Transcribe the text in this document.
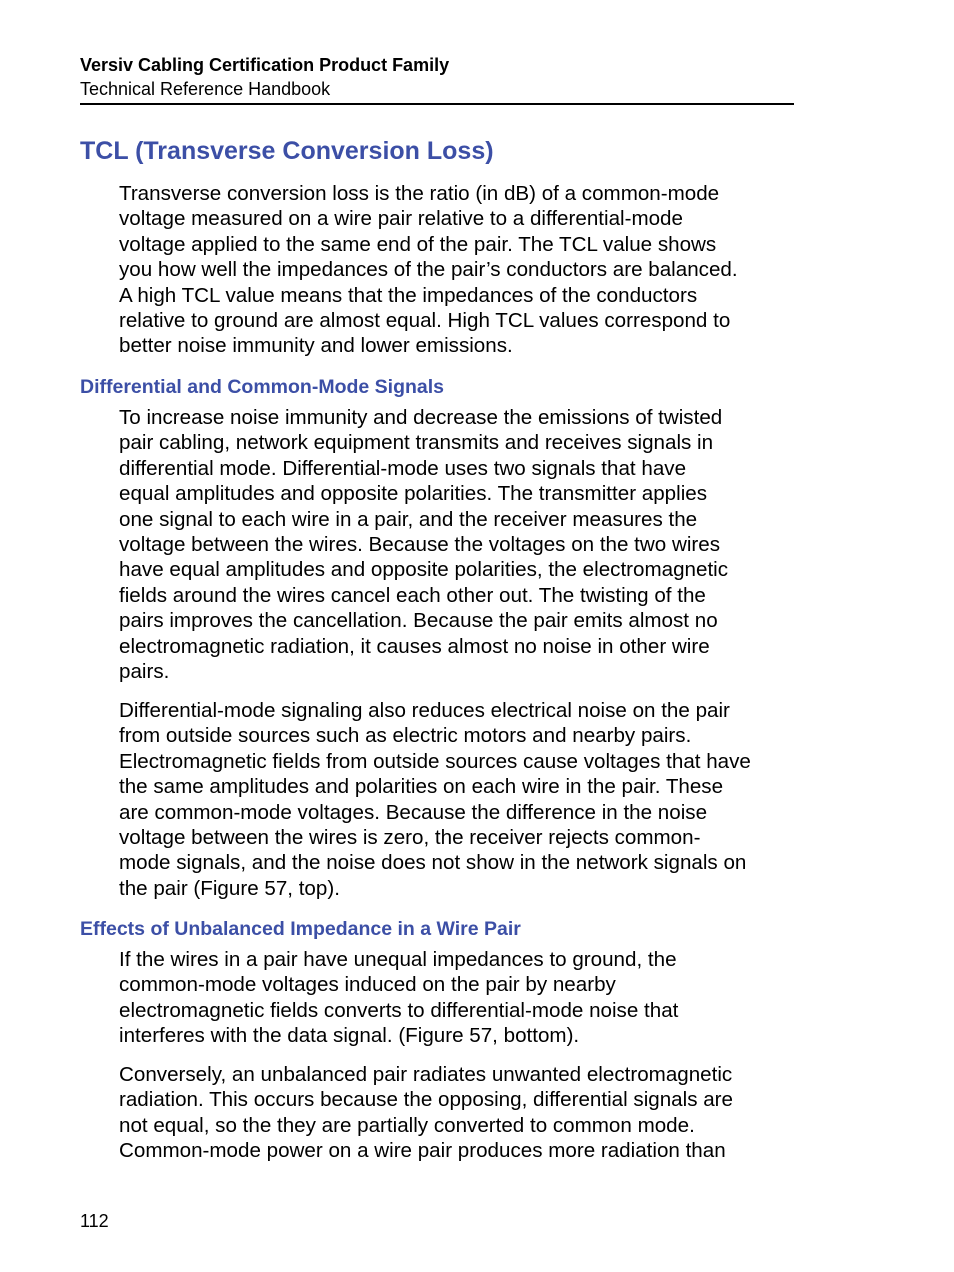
Versiv Cabling Certification Product Family
Technical Reference Handbook
TCL (Transverse Conversion Loss)

Transverse conversion loss is the ratio (in dB) of a common-mode
voltage measured on a wire pair relative to a differential-mode
voltage applied to the same end of the pair. The TCL value shows
you how well the impedances of the pair’s conductors are balanced.
A high TCL value means that the impedances of the conductors
relative to ground are almost equal. High TCL values correspond to
better noise immunity and lower emissions.

Differential and Common-Mode Signals

To increase noise immunity and decrease the emissions of twisted
pair cabling, network equipment transmits and receives signals in
differential mode. Differential-mode uses two signals that have
equal amplitudes and opposite polarities. The transmitter applies
one signal to each wire in a pair, and the receiver measures the
voltage between the wires. Because the voltages on the two wires
have equal amplitudes and opposite polarities, the electromagnetic
fields around the wires cancel each other out. The twisting of the
pairs improves the cancellation. Because the pair emits almost no
electromagnetic radiation, it causes almost no noise in other wire
pairs.

Differential-mode signaling also reduces electrical noise on the pair
from outside sources such as electric motors and nearby pairs.
Electromagnetic fields from outside sources cause voltages that have
the same amplitudes and polarities on each wire in the pair. These
are common-mode voltages. Because the difference in the noise
voltage between the wires is zero, the receiver rejects common-
mode signals, and the noise does not show in the network signals on
the pair (Figure 57, top).

Effects of Unbalanced Impedance in a Wire Pair

If the wires in a pair have unequal impedances to ground, the
common-mode voltages induced on the pair by nearby
electromagnetic fields converts to differential-mode noise that
interferes with the data signal. (Figure 57, bottom).

Conversely, an unbalanced pair radiates unwanted electromagnetic
radiation. This occurs because the opposing, differential signals are
not equal, so the they are partially converted to common mode.
Common-mode power on a wire pair produces more radiation than

112
